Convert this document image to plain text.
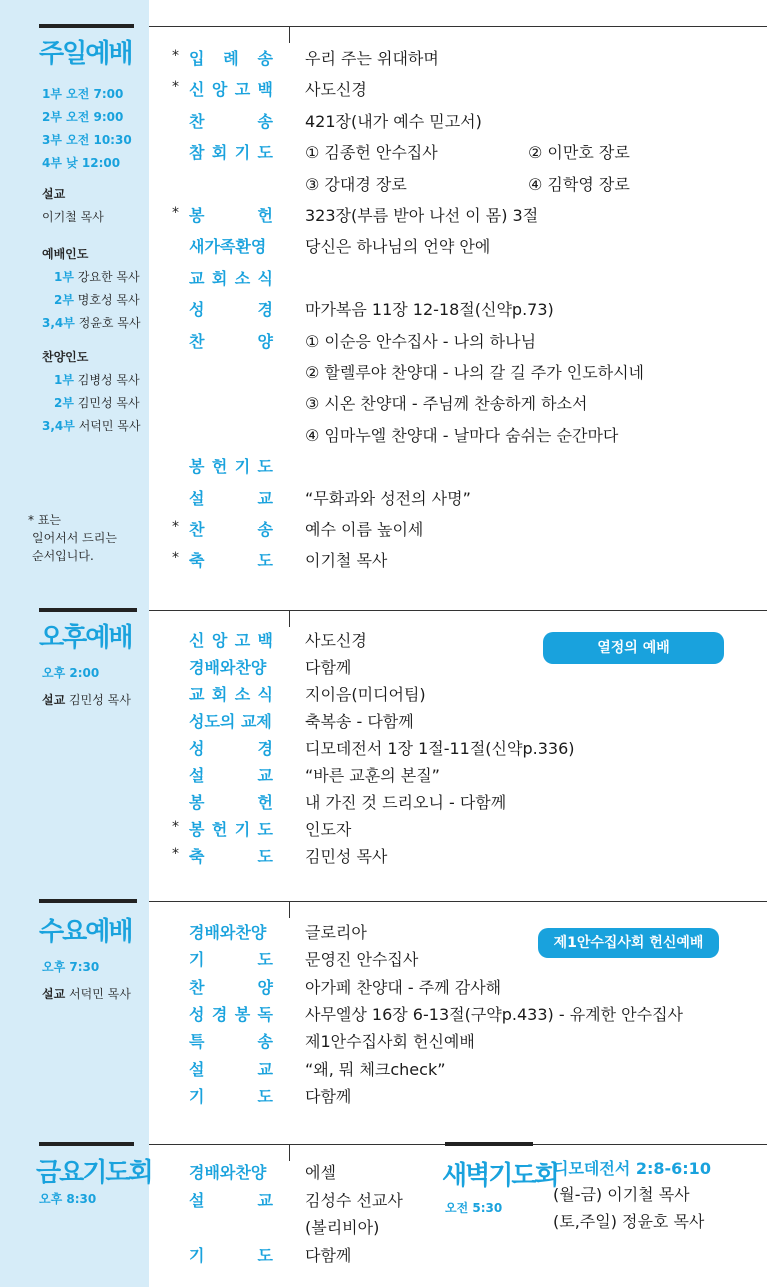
주일예배
1부 오전 7:00
2부 오전 9:00
3부 오전 10:30
4부 낮 12:00
설교
이기철 목사
예배인도
1부 강요한 목사
2부 명호성 목사
3,4부 정윤호 목사
찬양인도
1부 김병성 목사
2부 김민성 목사
3,4부 서덕민 목사
* 표는
일어서서 드리는
순서입니다.
* 입 례 송 우리 주는 위대하며
* 신 앙 고 백 사도신경
찬	송 421장(내가 예수 믿고서)
참 회 기 도 ① 김종헌 안수집사	② 이만호 장로
③ 강대경 장로	④ 김학영 장로
* 봉	헌 323장(부름 받아 나선 이 몸) 3절
새가족환영	당신은 하나님의 언약 안에
교 회 소 식
성	경 마가복음 11장 12-18절(신약p.73)
찬	양 ① 이순응 안수집사 - 나의 하나님
② 할렐루야 찬양대 - 나의 갈 길 주가 인도하시네
③ 시온 찬양대 - 주님께 찬송하게 하소서
④ 임마누엘 찬양대 - 날마다 숨쉬는 순간마다
봉 헌 기 도
설	교 “무화과와 성전의 사명”
* 찬	송 예수 이름 높이세
* 축	도 이기철 목사
오후예배
오후 2:00
설교 김민성 목사
열정의 예배
신 앙 고 백 사도신경
경배와찬양	다함께
교 회 소 식 지이음(미디어팀)
성도의 교제 축복송 - 다함께
성	경 디모데전서 1장 1절-11절(신약p.336)
설	교 “바른 교훈의 본질”
봉	헌 내 가진 것 드리오니 - 다함께
* 봉 헌 기 도 인도자
* 축	도 김민성 목사
수요예배
오후 7:30
설교 서덕민 목사
제1안수집사회 헌신예배
경배와찬양	글로리아
기	도 문영진 안수집사
찬	양 아가페 찬양대 - 주께 감사해
성 경 봉 독 사무엘상 16장 6-13절(구약p.433) - 유계한 안수집사
특	송 제1안수집사회 헌신예배
설	교 “왜, 뭐 체크check”
기	도 다함께
금요기도회
오후 8:30
경배와찬양	에셀
설	교 김성수 선교사
(볼리비아)
기	도 다함께
새벽기도회
오전 5:30
디모데전서 2:8-6:10
(월-금) 이기철 목사
(토,주일) 정윤호 목사
